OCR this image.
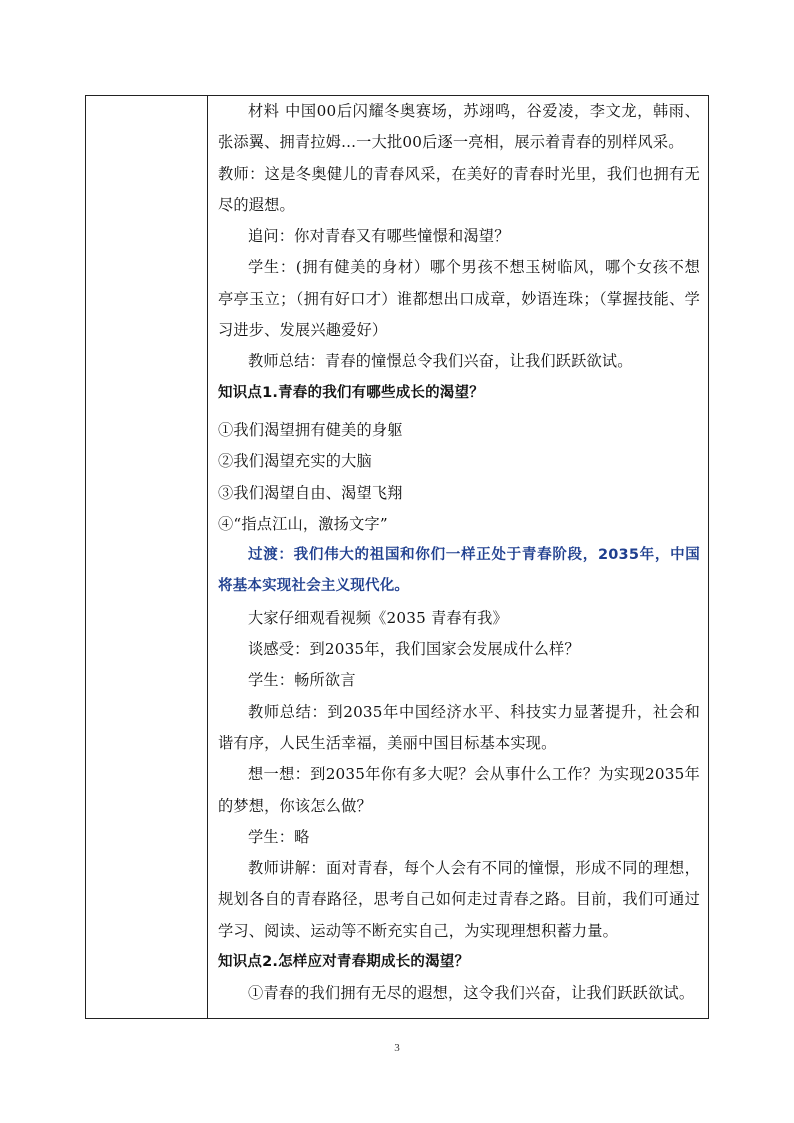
材料 中国00后闪耀冬奥赛场，苏翊鸣，谷爱凌，李文龙，韩雨、张添翼、拥青拉姆...一大批00后逐一亮相，展示着青春的别样风采。

教师：这是冬奥健儿的青春风采，在美好的青春时光里，我们也拥有无尽的遐想。

追问：你对青春又有哪些憧憬和渴望？

学生：(拥有健美的身材）哪个男孩不想玉树临风，哪个女孩不想亭亭玉立；（拥有好口才）谁都想出口成章，妙语连珠；（掌握技能、学习进步、发展兴趣爱好）

教师总结：青春的憧憬总令我们兴奋，让我们跃跃欲试。

知识点1.青春的我们有哪些成长的渴望？

①我们渴望拥有健美的身躯

②我们渴望充实的大脑

③我们渴望自由、渴望飞翔

④“指点江山，激扬文字”

过渡：我们伟大的祖国和你们一样正处于青春阶段，2035年，中国将基本实现社会主义现代化。

大家仔细观看视频《2035 青春有我》

谈感受：到2035年，我们国家会发展成什么样？

学生：畅所欲言

教师总结：到2035年中国经济水平、科技实力显著提升，社会和谐有序，人民生活幸福，美丽中国目标基本实现。

想一想：到2035年你有多大呢？会从事什么工作？为实现2035年的梦想，你该怎么做？

学生：略

教师讲解：面对青春，每个人会有不同的憧憬，形成不同的理想，规划各自的青春路径，思考自己如何走过青春之路。目前，我们可通过学习、阅读、运动等不断充实自己，为实现理想积蓄力量。

知识点2.怎样应对青春期成长的渴望？

①青春的我们拥有无尽的遐想，这令我们兴奋，让我们跃跃欲试。

3
